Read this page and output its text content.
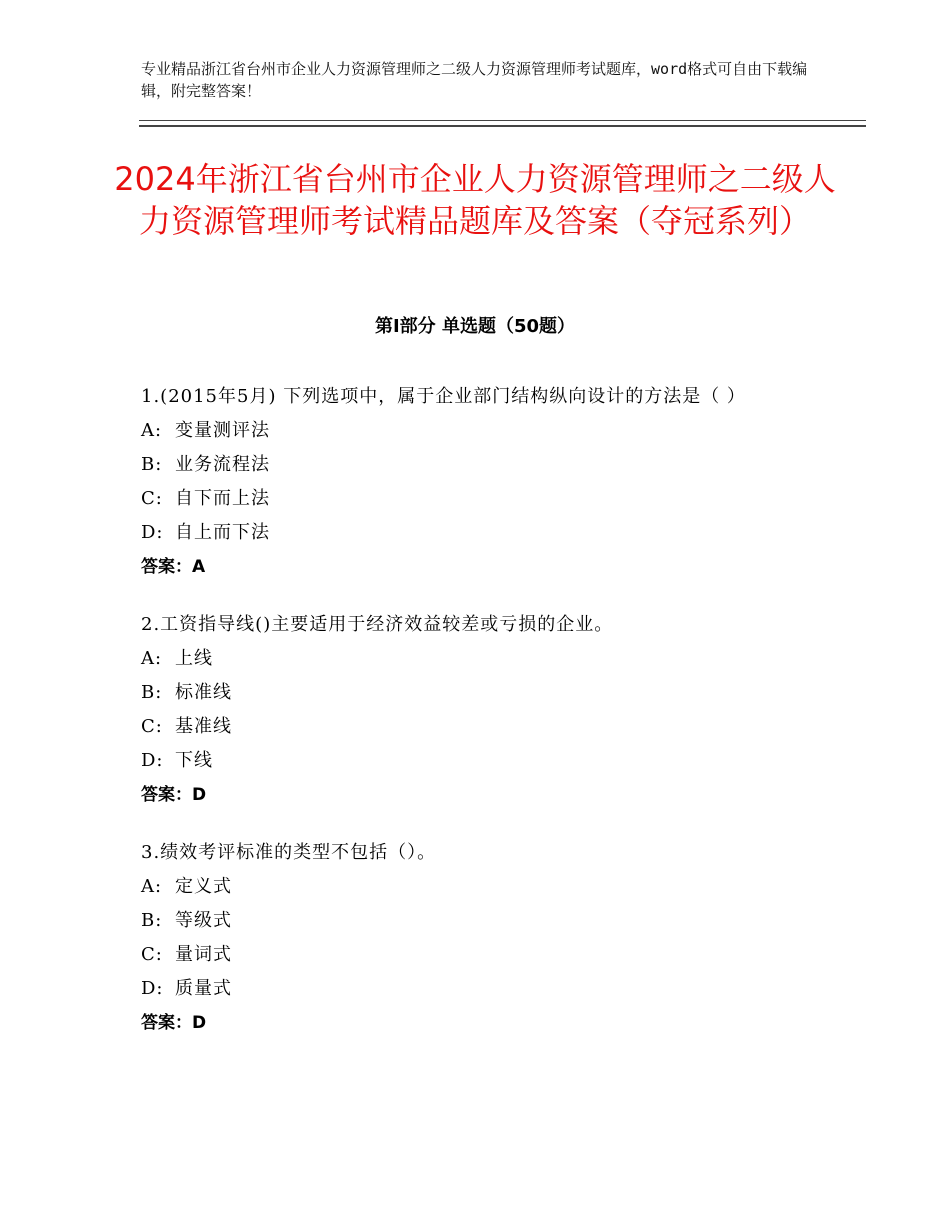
专业精品浙江省台州市企业人力资源管理师之二级人力资源管理师考试题库，word格式可自由下载编辑，附完整答案！
2024年浙江省台州市企业人力资源管理师之二级人力资源管理师考试精品题库及答案（夺冠系列）
第Ⅰ部分 单选题（50题）
1.(2015年5月) 下列选项中，属于企业部门结构纵向设计的方法是（ ）
A: 变量测评法
B: 业务流程法
C: 自下而上法
D: 自上而下法
答案：A
2.工资指导线()主要适用于经济效益较差或亏损的企业。
A: 上线
B: 标准线
C: 基准线
D: 下线
答案：D
3.绩效考评标准的类型不包括（）。
A: 定义式
B: 等级式
C: 量词式
D: 质量式
答案：D
